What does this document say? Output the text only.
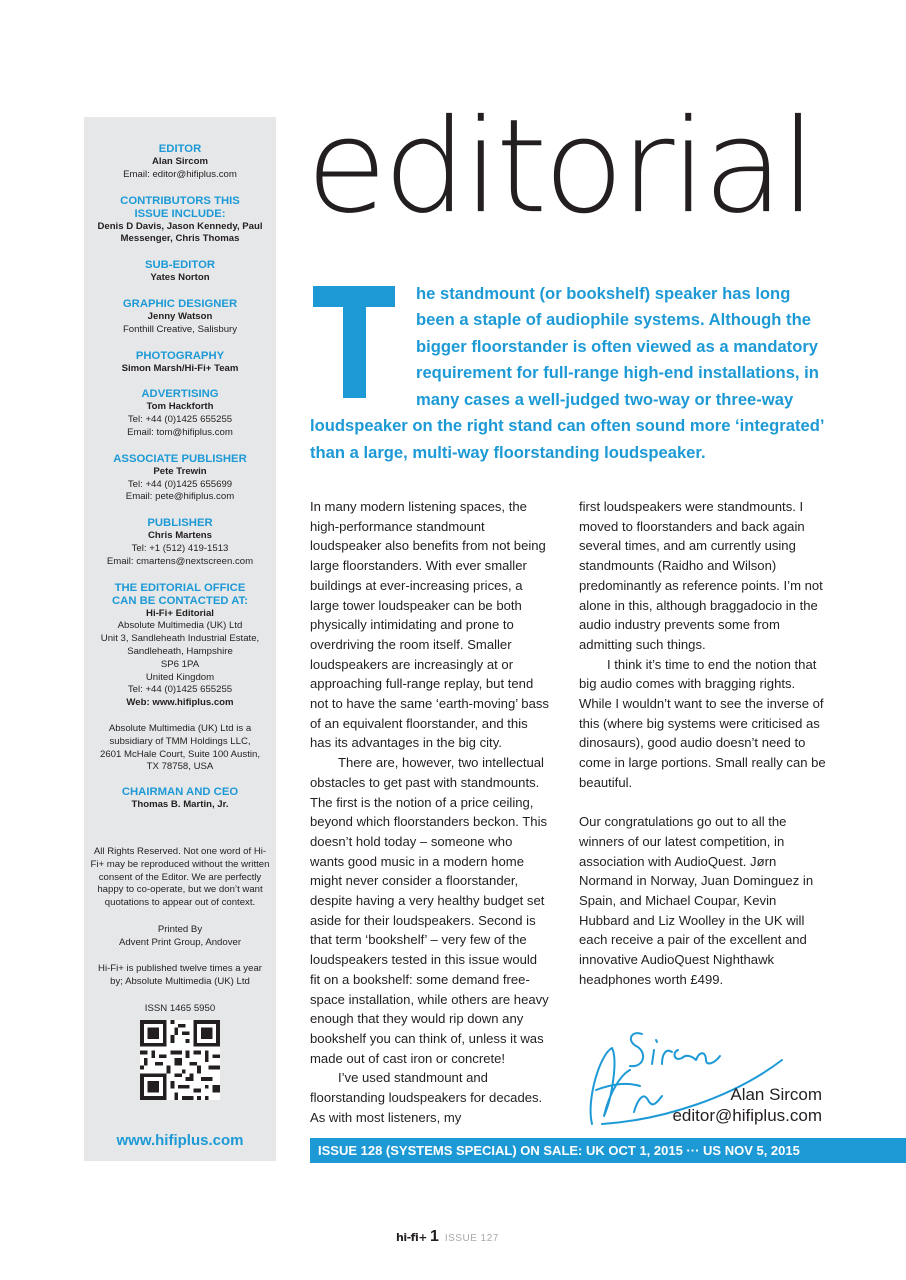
EDITOR
Alan Sircom
Email: editor@hifiplus.com
CONTRIBUTORS THIS ISSUE INCLUDE:
Denis D Davis, Jason Kennedy, Paul Messenger, Chris Thomas
SUB-EDITOR
Yates Norton
GRAPHIC DESIGNER
Jenny Watson
Fonthill Creative, Salisbury
PHOTOGRAPHY
Simon Marsh/Hi-Fi+ Team
ADVERTISING
Tom Hackforth
Tel: +44 (0)1425 655255
Email: tom@hifiplus.com
ASSOCIATE PUBLISHER
Pete Trewin
Tel: +44 (0)1425 655699
Email: pete@hifiplus.com
PUBLISHER
Chris Martens
Tel: +1 (512) 419-1513
Email: cmartens@nextscreen.com
THE EDITORIAL OFFICE CAN BE CONTACTED AT:
Hi-Fi+ Editorial
Absolute Multimedia (UK) Ltd
Unit 3, Sandleheath Industrial Estate,
Sandleheath, Hampshire
SP6 1PA
United Kingdom
Tel: +44 (0)1425 655255
Web: www.hifiplus.com
Absolute Multimedia (UK) Ltd is a subsidiary of TMM Holdings LLC, 2601 McHale Court, Suite 100 Austin, TX 78758, USA
CHAIRMAN AND CEO
Thomas B. Martin, Jr.
All Rights Reserved. Not one word of Hi-Fi+ may be reproduced without the written consent of the Editor. We are perfectly happy to co-operate, but we don’t want quotations to appear out of context.
Printed By
Advent Print Group, Andover
Hi-Fi+ is published twelve times a year by; Absolute Multimedia (UK) Ltd
ISSN 1465 5950
www.hifiplus.com
editorial
he standmount (or bookshelf) speaker has long
been a staple of audiophile systems. Although the
bigger floorstander is often viewed as a mandatory
requirement for full-range high-end installations, in
many cases a well-judged two-way or three-way
loudspeaker on the right stand can often sound more ‘integrated’
than a large, multi-way floorstanding loudspeaker.

In many modern listening spaces, the high-performance standmount loudspeaker also benefits from not being large floorstanders. With ever smaller buildings at ever-increasing prices, a large tower loudspeaker can be both physically intimidating and prone to overdriving the room itself. Smaller loudspeakers are increasingly at or approaching full-range replay, but tend not to have the same ‘earth-moving’ bass of an equivalent floorstander, and this has its advantages in the big city.

There are, however, two intellectual obstacles to get past with standmounts. The first is the notion of a price ceiling, beyond which floorstanders beckon. This doesn’t hold today – someone who wants good music in a modern home might never consider a floorstander, despite having a very healthy budget set aside for their loudspeakers. Second is that term ‘bookshelf’ – very few of the loudspeakers tested in this issue would fit on a bookshelf: some demand free-space installation, while others are heavy enough that they would rip down any bookshelf you can think of, unless it was made out of cast iron or concrete!

I’ve used standmount and floorstanding loudspeakers for decades. As with most listeners, my

first loudspeakers were standmounts. I moved to floorstanders and back again several times, and am currently using standmounts (Raidho and Wilson) predominantly as reference points. I’m not alone in this, although braggadocio in the audio industry prevents some from admitting such things.

I think it’s time to end the notion that big audio comes with bragging rights. While I wouldn’t want to see the inverse of this (where big systems were criticised as dinosaurs), good audio doesn’t need to come in large portions. Small really can be beautiful.

Our congratulations go out to all the winners of our latest competition, in association with AudioQuest. Jørn Normand in Norway, Juan Dominguez in Spain, and Michael Coupar, Kevin Hubbard and Liz Woolley in the UK will each receive a pair of the excellent and innovative AudioQuest Nighthawk headphones worth £499.

Alan Sircom
editor@hifiplus.com
ISSUE 128 (SYSTEMS SPECIAL) ON SALE: UK OCT 1, 2015 ··· US NOV 5, 2015
hi-fi+ 1 ISSUE 127
